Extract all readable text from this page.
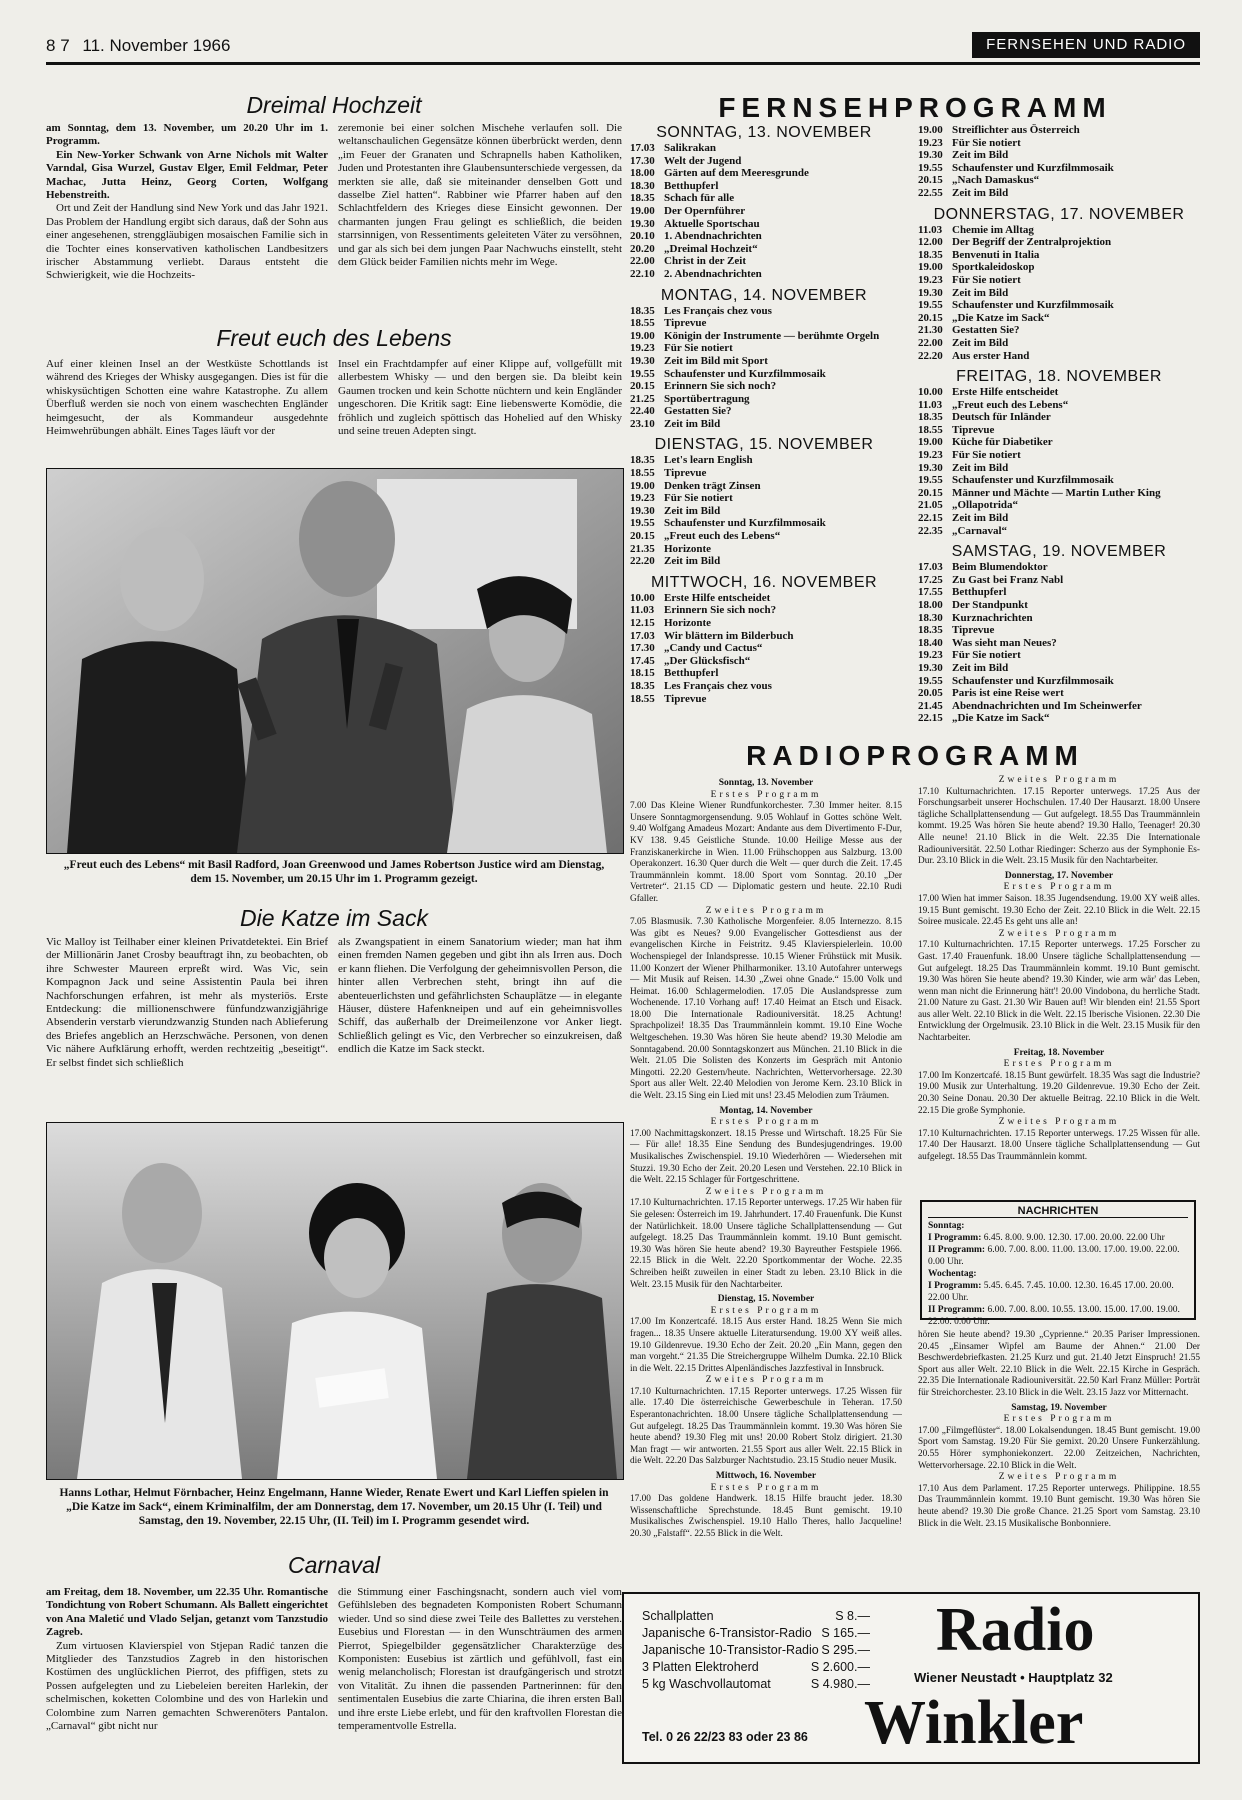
8 7 11. November 1966	FERNSEHEN UND RADIO
Dreimal Hochzeit

am Sonntag, dem 13. November, um 20.20 Uhr im 1. Programm.

Ein New-Yorker Schwank von Arne Nichols mit Walter Varndal, Gisa Wurzel, Gustav Elger, Emil Feldmar, Peter Machac, Jutta Heinz, Georg Corten, Wolfgang Hebenstreith.

Ort und Zeit der Handlung sind New York und das Jahr 1921. Das Problem der Handlung ergibt sich daraus, daß der Sohn aus einer angesehenen, strenggläubigen mosaischen Familie sich in die Tochter eines konservativen katholischen Landbesitzers irischer Abstammung verliebt. Daraus entsteht die Schwierigkeit, wie die Hochzeits-

zeremonie bei einer solchen Mischehe verlaufen soll. Die weltanschaulichen Gegensätze können überbrückt werden, denn „im Feuer der Granaten und Schrapnells haben Katholiken, Juden und Protestanten ihre Glaubensunterschiede vergessen, da merkten sie alle, daß sie miteinander denselben Gott und dasselbe Ziel hatten“. Rabbiner wie Pfarrer haben auf den Schlachtfeldern des Krieges diese Einsicht gewonnen. Der charmanten jungen Frau gelingt es schließlich, die beiden starrsinnigen, von Ressentiments geleiteten Väter zu versöhnen, und gar als sich bei dem jungen Paar Nachwuchs einstellt, steht dem Glück beider Familien nichts mehr im Wege.

Freut euch des Lebens

Auf einer kleinen Insel an der Westküste Schottlands ist während des Krieges der Whisky ausgegangen. Dies ist für die whiskysüchtigen Schotten eine wahre Katastrophe. Zu allem Überfluß werden sie noch von einem waschechten Engländer heimgesucht, der als Kommandeur ausgedehnte Heimwehrübungen abhält. Eines Tages läuft vor der

Insel ein Frachtdampfer auf einer Klippe auf, vollgefüllt mit allerbestem Whisky — und den bergen sie. Da bleibt kein Gaumen trocken und kein Schotte nüchtern und kein Engländer ungeschoren. Die Kritik sagt: Eine liebenswerte Komödie, die fröhlich und zugleich spöttisch das Hohelied auf den Whisky und seine treuen Adepten singt.

„Freut euch des Lebens“ mit Basil Radford, Joan Greenwood und James Robertson Justice wird am Dienstag, dem 15. November, um 20.15 Uhr im 1. Programm gezeigt.
Die Katze im Sack

Vic Malloy ist Teilhaber einer kleinen Privatdetektei. Ein Brief der Millionärin Janet Crosby beauftragt ihn, zu beobachten, ob ihre Schwester Maureen erpreßt wird. Was Vic, sein Kompagnon Jack und seine Assistentin Paula bei ihren Nachforschungen erfahren, ist mehr als mysteriös. Erste Entdeckung: die millionenschwere fünfundzwanzigjährige Absenderin verstarb vierundzwanzig Stunden nach Ablieferung des Briefes angeblich an Herzschwäche. Personen, von denen Vic nähere Aufklärung erhofft, werden rechtzeitig „beseitigt“. Er selbst findet sich schließlich

als Zwangspatient in einem Sanatorium wieder; man hat ihm einen fremden Namen gegeben und gibt ihn als Irren aus. Doch er kann fliehen. Die Verfolgung der geheimnisvollen Person, die hinter allen Verbrechen steht, bringt ihn auf die abenteuerlichsten und gefährlichsten Schauplätze — in elegante Häuser, düstere Hafenkneipen und auf ein geheimnisvolles Schiff, das außerhalb der Dreimeilenzone vor Anker liegt. Schließlich gelingt es Vic, den Verbrecher so einzukreisen, daß endlich die Katze im Sack steckt.

Hanns Lothar, Helmut Förnbacher, Heinz Engelmann, Hanne Wieder, Renate Ewert und Karl Lieffen spielen in „Die Katze im Sack“, einem Kriminalfilm, der am Donnerstag, dem 17. November, um 20.15 Uhr (I. Teil) und Samstag, den 19. November, 22.15 Uhr, (II. Teil) im I. Programm gesendet wird.
Carnaval

am Freitag, dem 18. November, um 22.35 Uhr. Romantische Tondichtung von Robert Schumann. Als Ballett eingerichtet von Ana Maletić und Vlado Seljan, getanzt vom Tanzstudio Zagreb.

Zum virtuosen Klavierspiel von Stjepan Radić tanzen die Mitglieder des Tanzstudios Zagreb in den historischen Kostümen des unglücklichen Pierrot, des pfiffigen, stets zu Possen aufgelegten und zu Liebeleien bereiten Harlekin, der schelmischen, koketten Colombine und des von Harlekin und Colombine zum Narren gemachten Schwerenöters Pantalon. „Carnaval“ gibt nicht nur

die Stimmung einer Faschingsnacht, sondern auch viel vom Gefühlsleben des begnadeten Komponisten Robert Schumann wieder. Und so sind diese zwei Teile des Ballettes zu verstehen. Eusebius und Florestan — in den Wunschträumen des armen Pierrot, Spiegelbilder gegensätzlicher Charakterzüge des Komponisten: Eusebius ist zärtlich und gefühlvoll, fast ein wenig melancholisch; Florestan ist draufgängerisch und strotzt von Vitalität. Zu ihnen die passenden Partnerinnen: für den sentimentalen Eusebius die zarte Chiarina, die ihren ersten Ball und ihre erste Liebe erlebt, und für den kraftvollen Florestan die temperamentvolle Estrella.

FERNSEHPROGRAMM
SONNTAG, 13. NOVEMBER
17.03 Salikrakan
17.30 Welt der Jugend
18.00 Gärten auf dem Meeresgrunde
18.30 Betthupferl
18.35 Schach für alle
19.00 Der Opernführer
19.30 Aktuelle Sportschau
20.10 1. Abendnachrichten
20.20 „Dreimal Hochzeit“
22.00 Christ in der Zeit
22.10 2. Abendnachrichten
MONTAG, 14. NOVEMBER
18.35 Les Français chez vous
18.55 Tiprevue
19.00 Königin der Instrumente — berühmte Orgeln
19.23 Für Sie notiert
19.30 Zeit im Bild mit Sport
19.55 Schaufenster und Kurzfilmmosaik
20.15 Erinnern Sie sich noch?
21.25 Sportübertragung
22.40 Gestatten Sie?
23.10 Zeit im Bild
DIENSTAG, 15. NOVEMBER
18.35 Let's learn English
18.55 Tiprevue
19.00 Denken trägt Zinsen
19.23 Für Sie notiert
19.30 Zeit im Bild
19.55 Schaufenster und Kurzfilmmosaik
20.15 „Freut euch des Lebens“
21.35 Horizonte
22.20 Zeit im Bild
MITTWOCH, 16. NOVEMBER
10.00 Erste Hilfe entscheidet
11.03 Erinnern Sie sich noch?
12.15 Horizonte
17.03 Wir blättern im Bilderbuch
17.30 „Candy und Cactus“
17.45 „Der Glücksfisch“
18.15 Betthupferl
18.35 Les Français chez vous
18.55 Tiprevue
19.00 Streiflichter aus Österreich
19.23 Für Sie notiert
19.30 Zeit im Bild
19.55 Schaufenster und Kurzfilmmosaik
20.15 „Nach Damaskus“
22.55 Zeit im Bild
DONNERSTAG, 17. NOVEMBER
11.03 Chemie im Alltag
12.00 Der Begriff der Zentralprojektion
18.35 Benvenuti in Italia
19.00 Sportkaleidoskop
19.23 Für Sie notiert
19.30 Zeit im Bild
19.55 Schaufenster und Kurzfilmmosaik
20.15 „Die Katze im Sack“
21.30 Gestatten Sie?
22.00 Zeit im Bild
22.20 Aus erster Hand
FREITAG, 18. NOVEMBER
10.00 Erste Hilfe entscheidet
11.03 „Freut euch des Lebens“
18.35 Deutsch für Inländer
18.55 Tiprevue
19.00 Küche für Diabetiker
19.23 Für Sie notiert
19.30 Zeit im Bild
19.55 Schaufenster und Kurzfilmmosaik
20.15 Männer und Mächte — Martin Luther King
21.05 „Ollapotrida“
22.15 Zeit im Bild
22.35 „Carnaval“
SAMSTAG, 19. NOVEMBER
17.03 Beim Blumendoktor
17.25 Zu Gast bei Franz Nabl
17.55 Betthupferl
18.00 Der Standpunkt
18.30 Kurznachrichten
18.35 Tiprevue
18.40 Was sieht man Neues?
19.23 Für Sie notiert
19.30 Zeit im Bild
19.55 Schaufenster und Kurzfilmmosaik
20.05 Paris ist eine Reise wert
21.45 Abendnachrichten und Im Scheinwerfer
22.15 „Die Katze im Sack“
RADIOPROGRAMM
Sonntag, 13. November
Erstes Programm
7.00 Das Kleine Wiener Rundfunkorchester. 7.30 Immer heiter. 8.15 Unsere Sonntagmorgensendung. 9.05 Wohlauf in Gottes schöne Welt. 9.40 Wolfgang Amadeus Mozart: Andante aus dem Divertimento F-Dur, KV 138. 9.45 Geistliche Stunde. 10.00 Heilige Messe aus der Franziskanerkirche in Wien. 11.00 Frühschoppen aus Salzburg. 13.00 Operakonzert. 16.30 Quer durch die Welt — quer durch die Zeit. 17.45 Traummännlein kommt. 18.00 Sport vom Sonntag. 20.10 „Der Vertreter“. 21.15 CD — Diplomatic gestern und heute. 22.10 Rudi Gfaller.
Zweites Programm
7.05 Blasmusik. 7.30 Katholische Morgenfeier. 8.05 Internezzo. 8.15 Was gibt es Neues? 9.00 Evangelischer Gottesdienst aus der evangelischen Kirche in Feistritz. 9.45 Klavierspielerlein. 10.00 Wochenspiegel der Inlandspresse. 10.15 Wiener Frühstück mit Musik. 11.00 Konzert der Wiener Philharmoniker. 13.10 Autofahrer unterwegs — Mit Musik auf Reisen. 14.30 „Zwei ohne Gnade.“ 15.00 Volk und Heimat. 16.00 Schlagermelodien. 17.05 Die Auslandspresse zum Wochenende. 17.10 Vorhang auf! 17.40 Heimat an Etsch und Eisack. 18.00 Die Internationale Radiouniversität. 18.25 Achtung! Sprachpolizei! 18.35 Das Traummännlein kommt. 19.10 Eine Woche Weltgeschehen. 19.30 Was hören Sie heute abend? 19.30 Melodie am Sonntagabend. 20.00 Sonntagskonzert aus München. 21.10 Blick in die Welt. 21.05 Die Solisten des Konzerts im Gespräch mit Antonio Mingotti. 22.20 Gestern/heute. Nachrichten, Wettervorhersage. 22.30 Sport aus aller Welt. 22.40 Melodien von Jerome Kern. 23.10 Blick in die Welt. 23.15 Sing ein Lied mit uns! 23.45 Melodien zum Träumen.
Montag, 14. November
Erstes Programm
17.00 Nachmittagskonzert. 18.15 Presse und Wirtschaft. 18.25 Für Sie — Für alle! 18.35 Eine Sendung des Bundesjugendringes. 19.00 Musikalisches Zwischenspiel. 19.10 Wiederhören — Wiedersehen mit Stuzzi. 19.30 Echo der Zeit. 20.20 Lesen und Verstehen. 22.10 Blick in die Welt. 22.15 Schlager für Fortgeschrittene.
Zweites Programm
17.10 Kulturnachrichten. 17.15 Reporter unterwegs. 17.25 Wir haben für Sie gelesen: Österreich im 19. Jahrhundert. 17.40 Frauenfunk. Die Kunst der Natürlichkeit. 18.00 Unsere tägliche Schallplattensendung — Gut aufgelegt. 18.25 Das Traummännlein kommt. 19.10 Bunt gemischt. 19.30 Was hören Sie heute abend? 19.30 Bayreuther Festspiele 1966. 22.15 Blick in die Welt. 22.20 Sportkommentar der Woche. 22.35 Schreiben heißt zuweilen in einer Stadt zu leben. 23.10 Blick in die Welt. 23.15 Musik für den Nachtarbeiter.
Dienstag, 15. November
Erstes Programm
17.00 Im Konzertcafé. 18.15 Aus erster Hand. 18.25 Wenn Sie mich fragen... 18.35 Unsere aktuelle Literatursendung. 19.00 XY weiß alles. 19.10 Gildenrevue. 19.30 Echo der Zeit. 20.20 „Ein Mann, gegen den man vorgeht.“ 21.35 Die Streichergruppe Wilhelm Dumka. 22.10 Blick in die Welt. 22.15 Drittes Alpenländisches Jazzfestival in Innsbruck.
Zweites Programm
17.10 Kulturnachrichten. 17.15 Reporter unterwegs. 17.25 Wissen für alle. 17.40 Die österreichische Gewerbeschule in Teheran. 17.50 Esperantonachrichten. 18.00 Unsere tägliche Schallplattensendung — Gut aufgelegt. 18.25 Das Traummännlein kommt. 19.30 Was hören Sie heute abend? 19.30 Fleg mit uns! 20.00 Robert Stolz dirigiert. 21.30 Man fragt — wir antworten. 21.55 Sport aus aller Welt. 22.15 Blick in die Welt. 22.20 Das Salzburger Nachtstudio. 23.15 Studio neuer Musik.
Mittwoch, 16. November
Erstes Programm
17.00 Das goldene Handwerk. 18.15 Hilfe braucht jeder. 18.30 Wissenschaftliche Sprechstunde. 18.45 Bunt gemischt. 19.10 Musikalisches Zwischenspiel. 19.10 Hallo Theres, hallo Jacqueline! 20.30 „Falstaff“. 22.55 Blick in die Welt.
Zweites Programm
17.10 Kulturnachrichten. 17.15 Reporter unterwegs. 17.25 Aus der Forschungsarbeit unserer Hochschulen. 17.40 Der Hausarzt. 18.00 Unsere tägliche Schallplattensendung — Gut aufgelegt. 18.55 Das Traummännlein kommt. 19.25 Was hören Sie heute abend? 19.30 Hallo, Teenager! 20.30 Alle neune! 21.10 Blick in die Welt. 22.35 Die Internationale Radiouniversität. 22.50 Lothar Riedinger: Scherzo aus der Symphonie Es-Dur. 23.10 Blick in die Welt. 23.15 Musik für den Nachtarbeiter.
Donnerstag, 17. November
Erstes Programm
17.00 Wien hat immer Saison. 18.35 Jugendsendung. 19.00 XY weiß alles. 19.15 Bunt gemischt. 19.30 Echo der Zeit. 22.10 Blick in die Welt. 22.15 Soiree musicale. 22.45 Es geht uns alle an!
Zweites Programm
17.10 Kulturnachrichten. 17.15 Reporter unterwegs. 17.25 Forscher zu Gast. 17.40 Frauenfunk. 18.00 Unsere tägliche Schallplattensendung — Gut aufgelegt. 18.25 Das Traummännlein kommt. 19.10 Bunt gemischt. 19.30 Was hören Sie heute abend? 19.30 Kinder, wie arm wär' das Leben, wenn man nicht die Erinnerung hätt'! 20.00 Vindobona, du herrliche Stadt. 21.00 Nature zu Gast. 21.30 Wir Bauen auf! Wir blenden ein! 21.55 Sport aus aller Welt. 22.10 Blick in die Welt. 22.15 Iberische Visionen. 22.30 Die Entwicklung der Orgelmusik. 23.10 Blick in die Welt. 23.15 Musik für den Nachtarbeiter.
Freitag, 18. November
Erstes Programm
17.00 Im Konzertcafé. 18.15 Bunt gewürfelt. 18.35 Was sagt die Industrie? 19.00 Musik zur Unterhaltung. 19.20 Gildenrevue. 19.30 Echo der Zeit. 20.30 Seine Donau. 20.30 Der aktuelle Beitrag. 22.10 Blick in die Welt. 22.15 Die große Symphonie.
Zweites Programm
17.10 Kulturnachrichten. 17.15 Reporter unterwegs. 17.25 Wissen für alle. 17.40 Der Hausarzt. 18.00 Unsere tägliche Schallplattensendung — Gut aufgelegt. 18.55 Das Traummännlein kommt.
NACHRICHTEN
Sonntag:
I Programm: 6.45. 8.00. 9.00. 12.30. 17.00. 20.00. 22.00 Uhr
II Programm: 6.00. 7.00. 8.00. 11.00. 13.00. 17.00. 19.00. 22.00. 0.00 Uhr.
Wochentag:
I Programm: 5.45. 6.45. 7.45. 10.00. 12.30. 16.45 17.00. 20.00. 22.00 Uhr.
II Programm: 6.00. 7.00. 8.00. 10.55. 13.00. 15.00. 17.00. 19.00. 22.00. 0.00 Uhr.
hören Sie heute abend? 19.30 „Cyprienne.“ 20.35 Pariser Impressionen. 20.45 „Einsamer Wipfel am Baume der Ahnen.“ 21.00 Der Beschwerdebriefkasten. 21.25 Kurz und gut. 21.40 Jetzt Einspruch! 21.55 Sport aus aller Welt. 22.10 Blick in die Welt. 22.15 Kirche in Gespräch. 22.35 Die Internationale Radiouniversität. 22.50 Karl Franz Müller: Porträt für Streichorchester. 23.10 Blick in die Welt. 23.15 Jazz vor Mitternacht.
Samstag, 19. November
Erstes Programm
17.00 „Filmgeflüster“. 18.00 Lokalsendungen. 18.45 Bunt gemischt. 19.00 Sport vom Samstag. 19.20 Für Sie gemixt. 20.20 Unsere Funkerzählung. 20.55 Hörer symphoniekonzert. 22.00 Zeitzeichen, Nachrichten, Wettervorhersage. 22.10 Blick in die Welt.
Zweites Programm
17.10 Aus dem Parlament. 17.25 Reporter unterwegs. Philippine. 18.55 Das Traummännlein kommt. 19.10 Bunt gemischt. 19.30 Was hören Sie heute abend? 19.30 Die große Chance. 21.25 Sport vom Samstag. 23.10 Blick in die Welt. 23.15 Musikalische Bonbonniere.
Schallplatten	S 8.—
Japanische 6-Transistor-Radio S 165.—
Japanische 10-Transistor-Radio S 295.—
3 Platten Elektroherd	S 2.600.—
5 kg Waschvollautomat	S 4.980.—
Radio
Wiener Neustadt • Hauptplatz 32
Winkler
Tel. 0 26 22/23 83 oder 23 86
